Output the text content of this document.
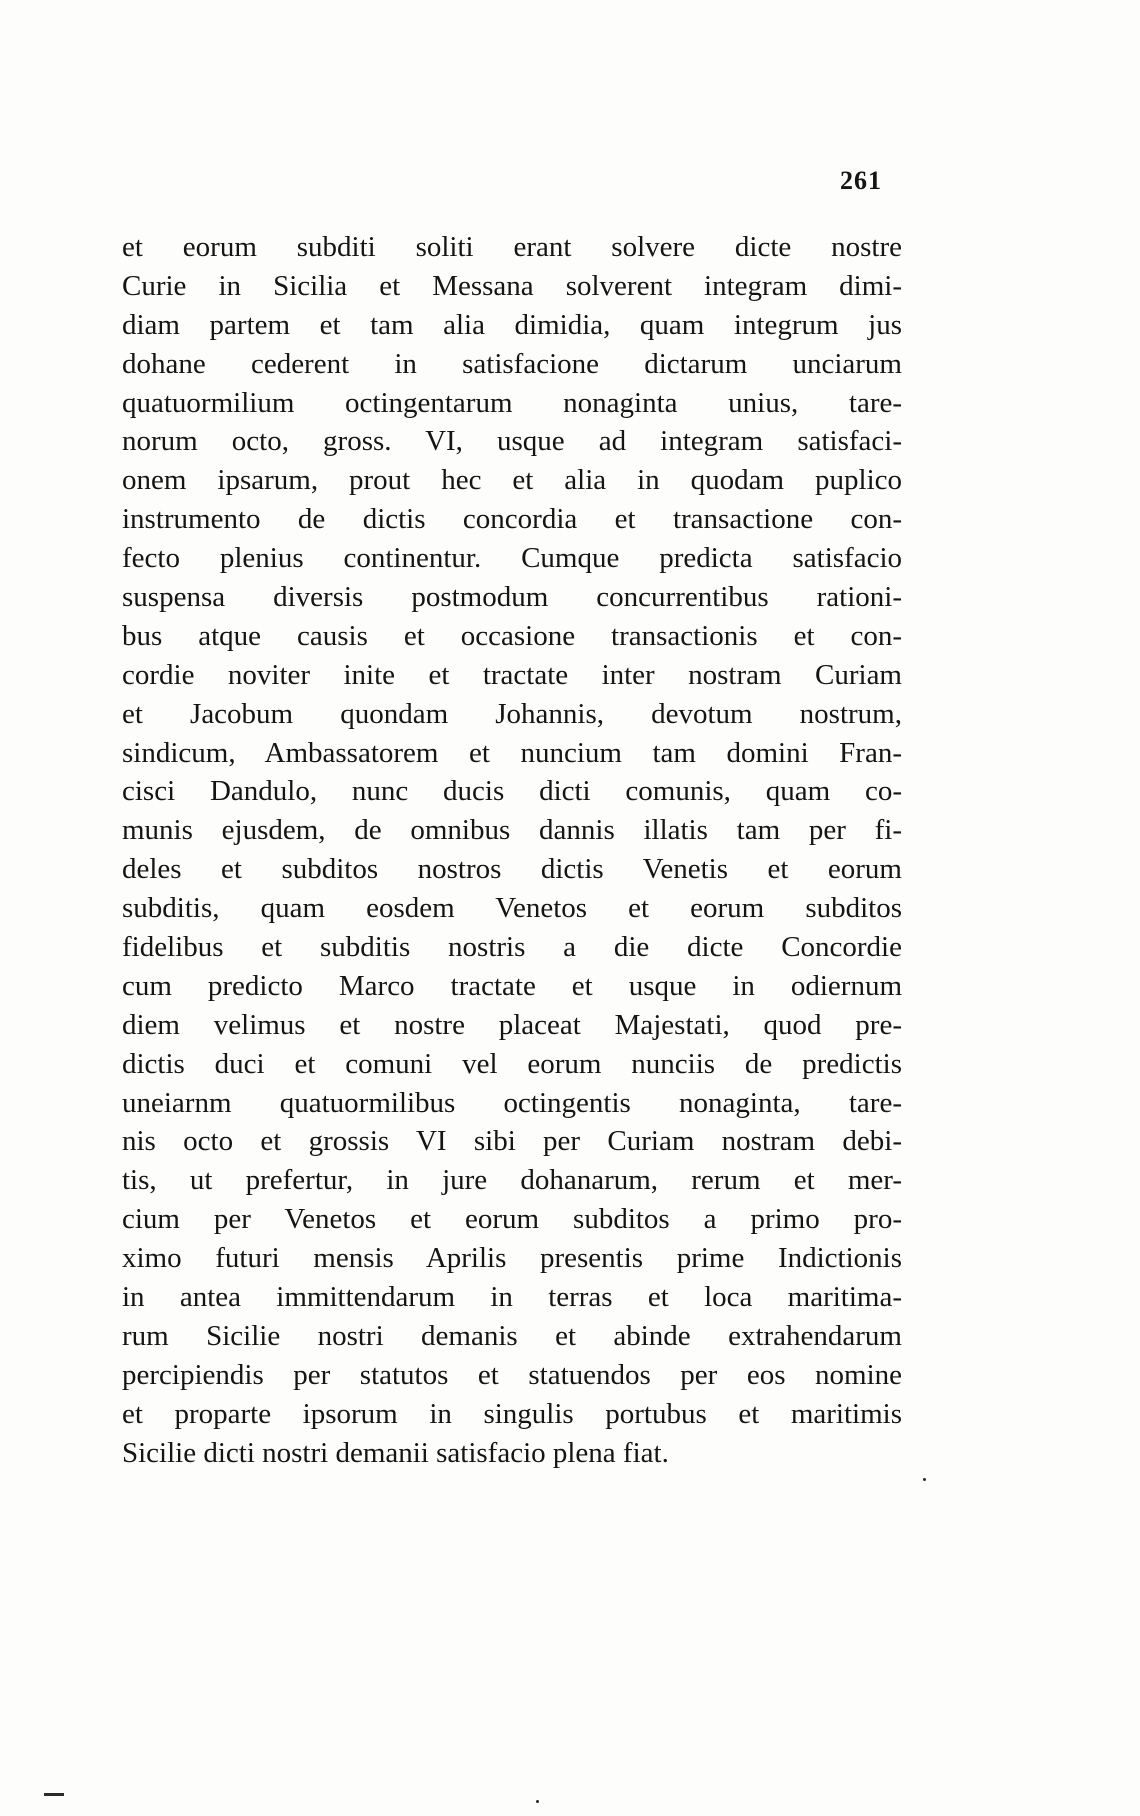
261
et eorum subditi soliti erant solvere dicte nostre
Curie in Sicilia et Messana solverent integram dimi-
diam partem et tam alia dimidia, quam integrum jus
dohane cederent in satisfacione dictarum unciarum
quatuormilium octingentarum nonaginta unius, tare-
norum octo, gross. VI, usque ad integram satisfaci-
onem ipsarum, prout hec et alia in quodam puplico
instrumento de dictis concordia et transactione con-
fecto plenius continentur. Cumque predicta satisfacio
suspensa diversis postmodum concurrentibus rationi-
bus atque causis et occasione transactionis et con-
cordie noviter inite et tractate inter nostram Curiam
et Jacobum quondam Johannis, devotum nostrum,
sindicum, Ambassatorem et nuncium tam domini Fran-
cisci Dandulo, nunc ducis dicti comunis, quam co-
munis ejusdem, de omnibus dannis illatis tam per fi-
deles et subditos nostros dictis Venetis et eorum
subditis, quam eosdem Venetos et eorum subditos
fidelibus et subditis nostris a die dicte Concordie
cum predicto Marco tractate et usque in odiernum
diem velimus et nostre placeat Majestati, quod pre-
dictis duci et comuni vel eorum nunciis de predictis
uneiarnm quatuormilibus octingentis nonaginta, tare-
nis octo et grossis VI sibi per Curiam nostram debi-
tis, ut prefertur, in jure dohanarum, rerum et mer-
cium per Venetos et eorum subditos a primo pro-
ximo futuri mensis Aprilis presentis prime Indictionis
in antea immittendarum in terras et loca maritima-
rum Sicilie nostri demanis et abinde extrahendarum
percipiendis per statutos et statuendos per eos nomine
et proparte ipsorum in singulis portubus et maritimis
Sicilie dicti nostri demanii satisfacio plena fiat.
